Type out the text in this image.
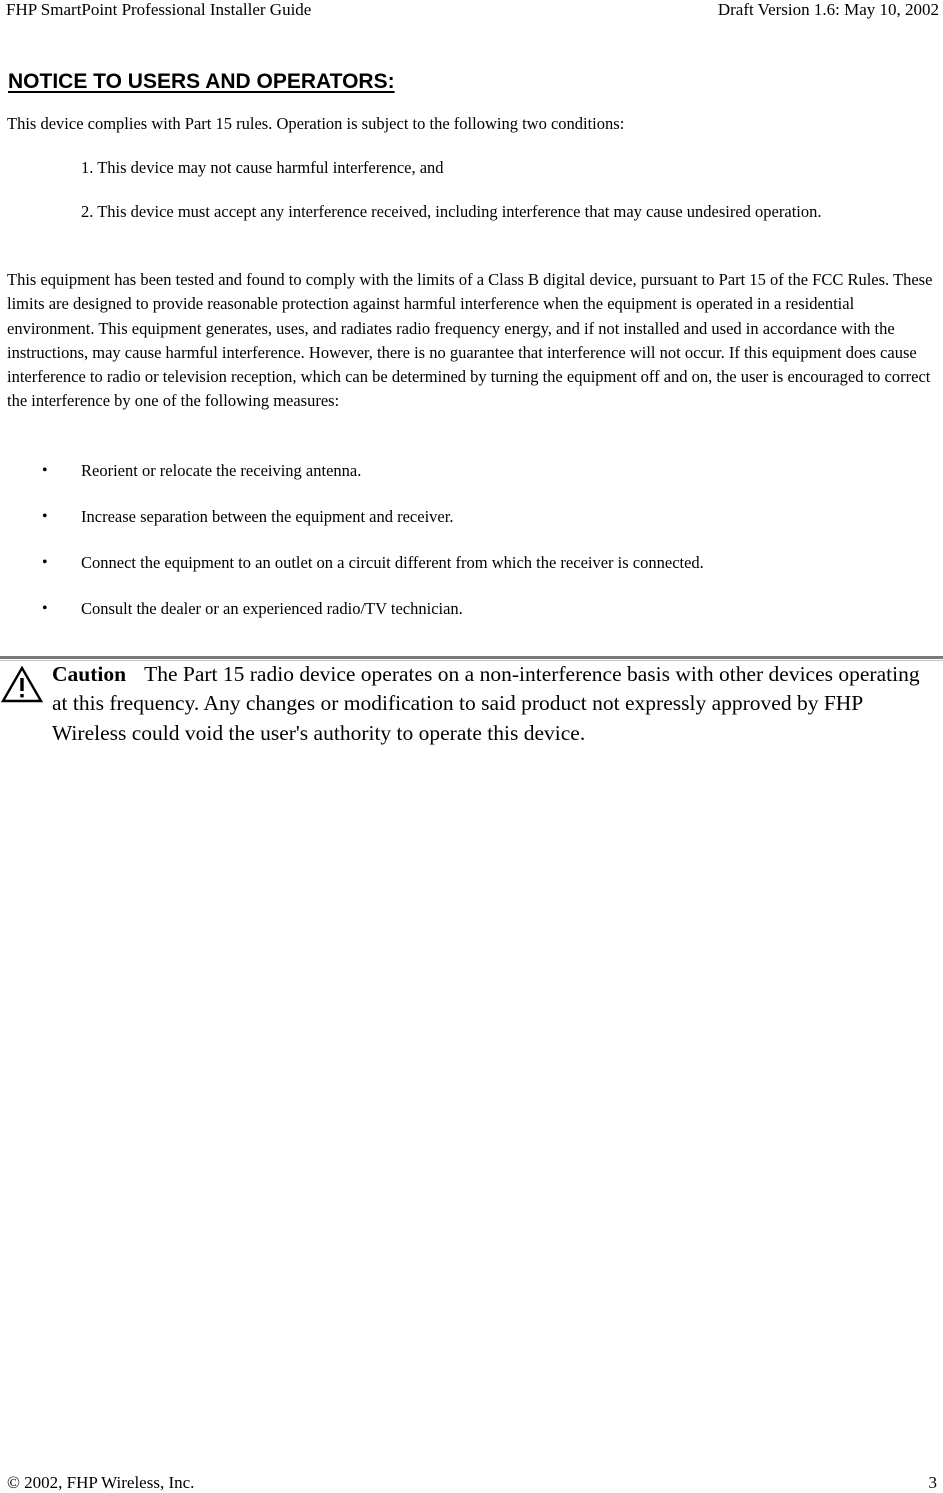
FHP SmartPoint Professional Installer Guide	Draft Version 1.6: May 10, 2002
NOTICE TO USERS AND OPERATORS:
This device complies with Part 15 rules. Operation is subject to the following two conditions:
1. This device may not cause harmful interference, and
2. This device must accept any interference received, including interference that may cause undesired operation.
This equipment has been tested and found to comply with the limits of a Class B digital device, pursuant to Part 15 of the FCC Rules. These limits are designed to provide reasonable protection against harmful interference when the equipment is operated in a residential environment. This equipment generates, uses, and radiates radio frequency energy, and if not installed and used in accordance with the instructions, may cause harmful interference. However, there is no guarantee that interference will not occur. If this equipment does cause interference to radio or television reception, which can be determined by turning the equipment off and on, the user is encouraged to correct the interference by one of the following measures:
• Reorient or relocate the receiving antenna.
• Increase separation between the equipment and receiver.
• Connect the equipment to an outlet on a circuit different from which the receiver is connected.
• Consult the dealer or an experienced radio/TV technician.
Caution The Part 15 radio device operates on a non-interference basis with other devices operating at this frequency. Any changes or modification to said product not expressly approved by FHP Wireless could void the user's authority to operate this device.
© 2002, FHP Wireless, Inc.	3
